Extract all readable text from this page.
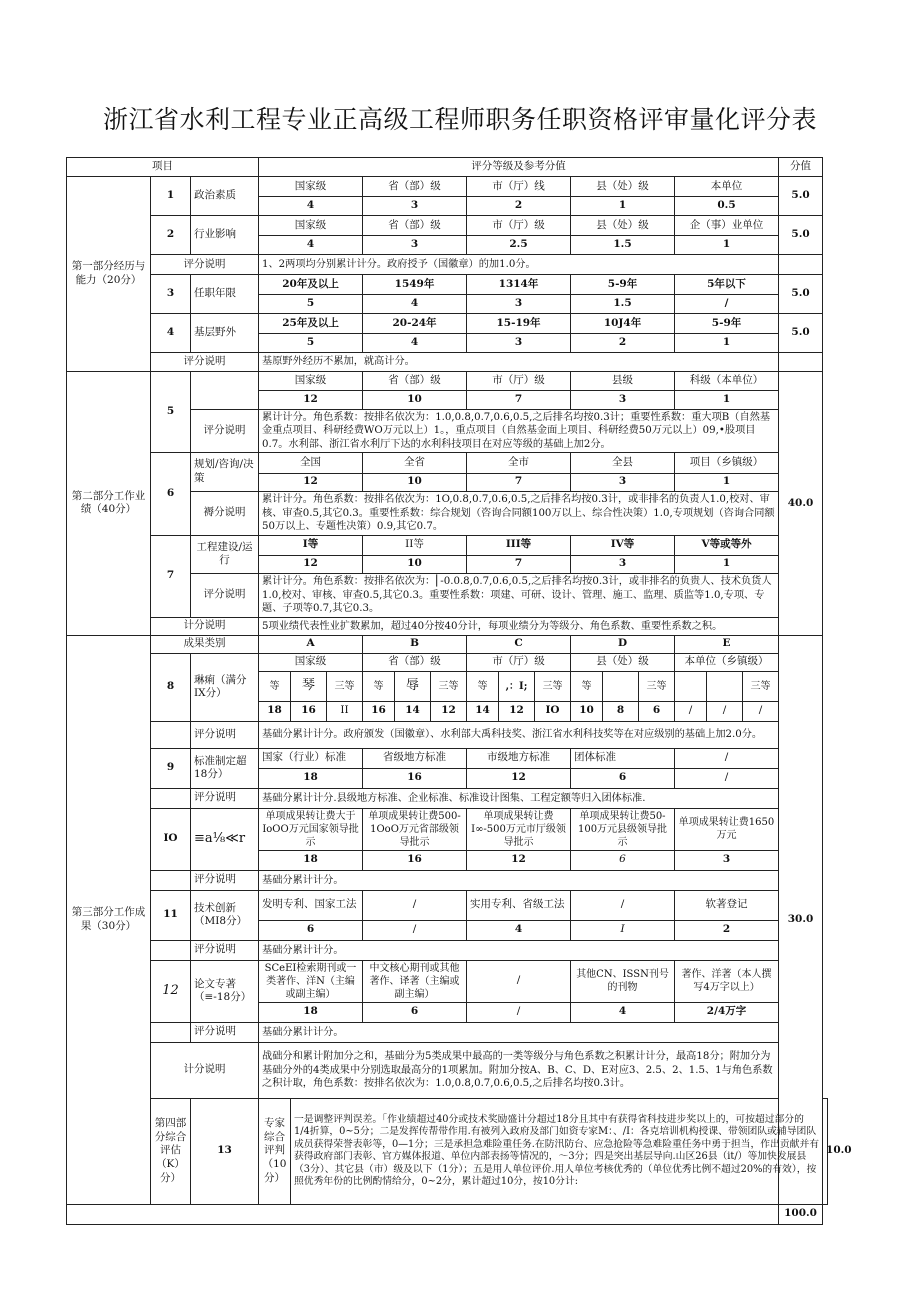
浙江省水利工程专业正高级工程师职务任职资格评审量化评分表
项目			评分等级及参考分值															分值	
第一部分经历与能力（20分）	1	政治素质	国家级			省（部）级			市（厅）线			县（处）级			本单位			5.0	
			4			3			2			1			0.5				
	2	行业影响	国家级			省（部）级			市（厅）级			县（处）级			企（事）业单位			5.0	
			4			3			2.5			1.5			1				
	评分说明		1、2两项均分别累计计分。政府授予（国徽章）的加1.0分。																
	3	任职年限	20年及以上			1549年			1314年			5-9年			5年以下			5.0	
			5			4			3			1.5			/				
	4	基层野外	25年及以上			20-24年			15-19年			10J4年			5-9年			5.0	
			5			4			3			2			1				
	评分说明		基原野外经历不累加，就高计分。																
第二部分工作业绩（40分）	5		国家级			省（部）级			市（厅）级			县级			科级（本单位）			40.0	
			12			10			7			3			1				
		评分说明	累计计分。角色系数：按排名依次为：1.0,0.8,0.7,0.6,0.5,之后排名均按0.3计；重要性系数：重大项B（自然基金重点项目、科研经费WO万元以上）1。，重点项目（自然基金面上项目、科研经费50万元以上）09,•股项目0.7。水利部、浙江省水利厅下达的水利科技项目在对应等级的基础上加2分。																
	6	规划/咨询/决策	全国			全省			全市			全县			项目（乡镇级）				
			12			10			7			3			1				
		褥分说明	累计计分。角色系数：按排名依次为：1O,0.8,0.7,0.6,0.5,之后排名均按0.3计，或非排名的负责人1.0,校对、审核、审查0.5,其它0.3。重要性系数：综合规划（咨询合同额100万以上、综合性决策）1.0,专项规划（咨询合同额50万以上、专题性决策）0.9,其它0.7。																
	7	工程建设/运行	I等			II等			III等			IV等			V等或等外				
			12			10			7			3			1				
		评分说明	累计计分。角色系数：按排名依次为：⎢-0.0.8,0.7,0.6,0.5,之后排名均按0.3计，或非排名的负贵人、技术负货人1.0,校对、审核、审查0.5,其它0.3。重要性系数：项建、可研、设计、管理、施工、监理、质监等1.0,专项、专题、子项等0.7,其它0.3。																
	计分说明		5项业绩代表性业扩数累加，超过40分按40分计，每项业绩分为等级分、角色系数、重要性系数之积。																
第三部分工作成果（30分）	成果类别		A			B			C			D			E			30.0	
	8	琳痢（满分IX分）	国家级			省（部）级			市（厅）级			县（处）级			本单位（乡镇级）				
			等	琴	三等	等	辱	三等	等	,：I;	三等	等		三等			三等		
			18	16	II	16	14	12	14	12	IO	10	8	6	/	/	/		
		评分说明	基础分累计计分。政府颁发（国徽章）、水利部大禹科技奖、浙江省水利科技奖等在对应级别的基础上加2.0分。																
	9	标准制定超18分）	国家（行业）标准			省级地方标准			市级地方标准			团体标准			/				
			18			16			12			6			/				
		评分说明	基础分累计计分.县级地方标准、企业标准、标准设计图集、工程定额等归入团体标准.																
	IO	≡a⅛≪r	单项成果转让费大于IoOO万元国家领导批示			单项成果转让费500-1OoO万元省部级领导批示			单项成果转让费I∞-500万元市厅级领导批示			单项成果转让费50-100万元县级领导批示			单项成果转让费1650万元				
			18			16			12			6			3				
		评分说明	基础分累计计分。																
	11	技术创新（MI8分）	发明专利、国家工法			/			实用专利、省级工法			/			软著登记				
			6			/			4			I			2				
		评分说明	基础分累计计分。																
	12	论文专著（≡-18分）	SCeEI检索期刊或一类著作、洋N（主编或副主编）			中文核心期刊或其他著作、译著（主编或副主编）			/			其他CN、ISSN刊号的刊物			著作、洋著（本人撰写4万字以上）				
			18			6			/			4			2/4万字				
		评分说明	基础分累计计分。																
	计分说明		战础分和累计附加分之和，基础分为5类成果中最高的一类等级分与角色系数之积累计计分，最高18分；附加分为基础分外的4类成果中分别选取最高分的1项累加。附加分按A、B、C、D、E对应3、2.5、2、1.5、1与角色系数之积计取，角色系数：按排名依次为：1.0,0.8,0.7,0.6,0.5,之后排名均按0.3计。																
	第四部分综合评估（K）分）	13	专家综合评判（10分）	一是调整评判误差。「作业绩超过40分或技术奖励盛计分超过18分且其中有获得省科技进步奖以上的，可按超过部分的1/4折算，0~5分；二是发挥传帮带作用.有被列入政府及部门如资专家M：、/I：各克培训机构授课、带领团队或辅导团队成员获得荣誉表彰等，0—1分；三是承担急难险重任务.在防汛防台、应急抢险等急难险重任务中勇于担当，作出贡献并有获得政府部门表彰、官方媒体报道、单位内部表扬等情况的，～3分；四是突出基层导向.山区26县（it/）等加快发展县（3分）、其它县（市）级及以下（1分）；五是用人单位评价.用人单位考核优秀的（单位优秀比例不超过20%的有效），按照优秀年份的比例酌情给分，0~2分，累计超过10分，按10分计:															10.0
																		100.0	
